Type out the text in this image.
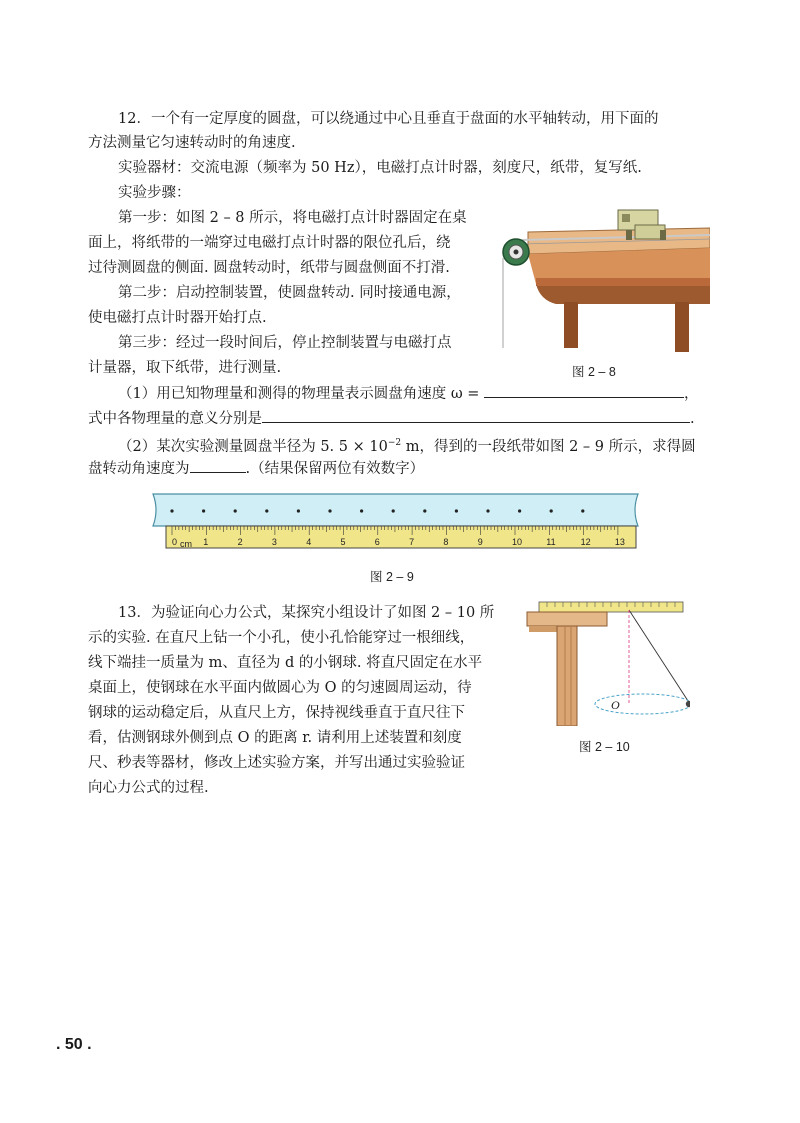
12．一个有一定厚度的圆盘，可以绕通过中心且垂直于盘面的水平轴转动，用下面的
方法测量它匀速转动时的角速度.
实验器材：交流电源（频率为 50 Hz），电磁打点计时器，刻度尺，纸带，复写纸.
实验步骤：
第一步：如图 2 – 8 所示，将电磁打点计时器固定在桌
面上，将纸带的一端穿过电磁打点计时器的限位孔后，绕
过待测圆盘的侧面. 圆盘转动时，纸带与圆盘侧面不打滑.
第二步：启动控制装置，使圆盘转动. 同时接通电源，
使电磁打点计时器开始打点.
第三步：经过一段时间后，停止控制装置与电磁打点
计量器，取下纸带，进行测量.
（1）用已知物理量和测得的物理量表示圆盘角速度 ω =	，
式中各物理量的意义分别是	.
（2）某次实验测量圆盘半径为 5. $5 \times 10^{-2}$ m，得到的一段纸带如图 2 – 9 所示，求得圆
盘转动角速度为	.（结果保留两位有效数字）
图 2 – 8
0	1	2	3	4	5	6	7	8	9	10	11	12	13
cm
图 2 – 9
13．为验证向心力公式，某探究小组设计了如图 2 – 10 所
示的实验. 在直尺上钻一个小孔，使小孔恰能穿过一根细线，
线下端挂一质量为 m、直径为 d 的小钢球. 将直尺固定在水平
桌面上，使钢球在水平面内做圆心为 O 的匀速圆周运动，待
钢球的运动稳定后，从直尺上方，保持视线垂直于直尺往下
看，估测钢球外侧到点 O 的距离 r. 请利用上述装置和刻度
尺、秒表等器材，修改上述实验方案，并写出通过实验验证
向心力公式的过程.
O
图 2 – 10
. 50 .
